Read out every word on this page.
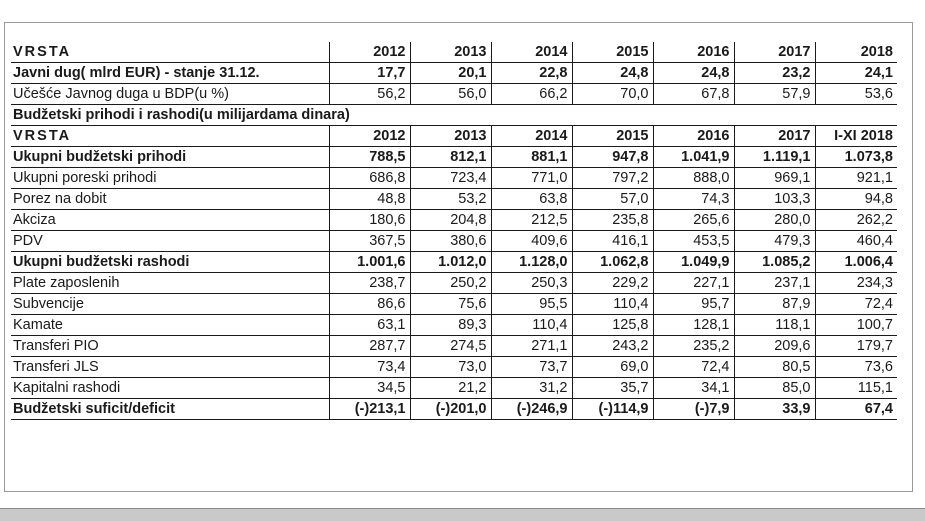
VRSTA	2012	2013	2014	2015	2016	2017	2018
Javni dug( mlrd EUR) - stanje 31.12.	17,7	20,1	22,8	24,8	24,8	23,2	24,1
Učešće Javnog duga u BDP(u %)	56,2	56,0	66,2	70,0	67,8	57,9	53,6
Budžetski prihodi i rashodi(u milijardama dinara)							
VRSTA	2012	2013	2014	2015	2016	2017	I-XI 2018
Ukupni budžetski prihodi	788,5	812,1	881,1	947,8	1.041,9	1.119,1	1.073,8
Ukupni poreski prihodi	686,8	723,4	771,0	797,2	888,0	969,1	921,1
Porez na dobit	48,8	53,2	63,8	57,0	74,3	103,3	94,8
Akciza	180,6	204,8	212,5	235,8	265,6	280,0	262,2
PDV	367,5	380,6	409,6	416,1	453,5	479,3	460,4
Ukupni budžetski rashodi	1.001,6	1.012,0	1.128,0	1.062,8	1.049,9	1.085,2	1.006,4
Plate zaposlenih	238,7	250,2	250,3	229,2	227,1	237,1	234,3
Subvencije	86,6	75,6	95,5	110,4	95,7	87,9	72,4
Kamate	63,1	89,3	110,4	125,8	128,1	118,1	100,7
Transferi PIO	287,7	274,5	271,1	243,2	235,2	209,6	179,7
Transferi JLS	73,4	73,0	73,7	69,0	72,4	80,5	73,6
Kapitalni rashodi	34,5	21,2	31,2	35,7	34,1	85,0	115,1
Budžetski suficit/deficit	(-)213,1	(-)201,0	(-)246,9	(-)114,9	(-)7,9	33,9	67,4
